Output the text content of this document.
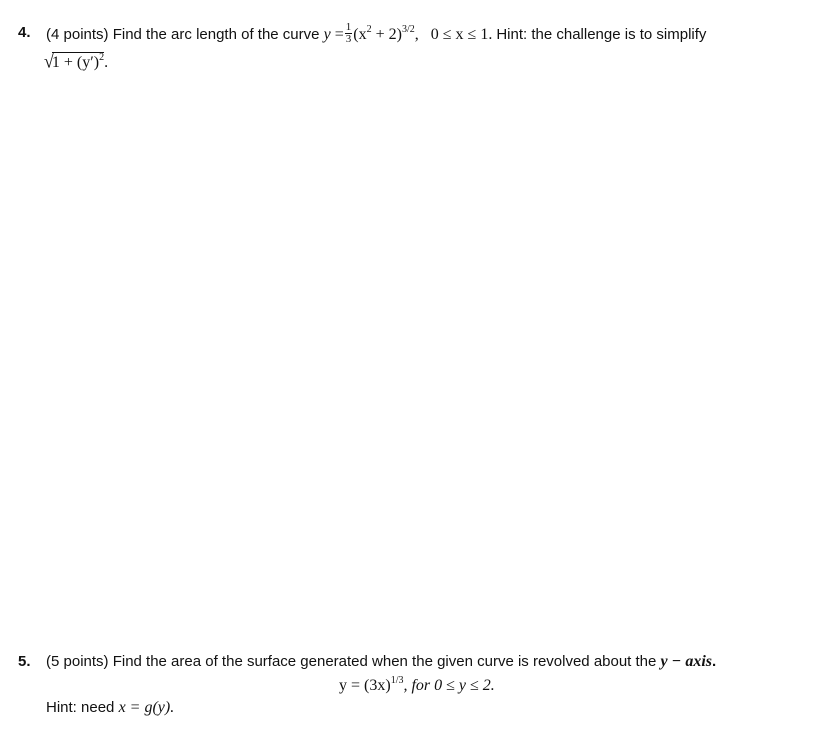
4. (4 points) Find the arc length of the curve $y = \frac{1}{3} (x^2 + 2)^{3/2}$, 0 ≤ x ≤ 1. Hint: the challenge is to simplify
$√1 + (y')^2$.
5. (5 points) Find the area of the surface generated when the given curve is revolved about the y − axis.
$y = (3x)^{1/3}$, for 0 ≤ y ≤ 2.
Hint: need x = g(y).
